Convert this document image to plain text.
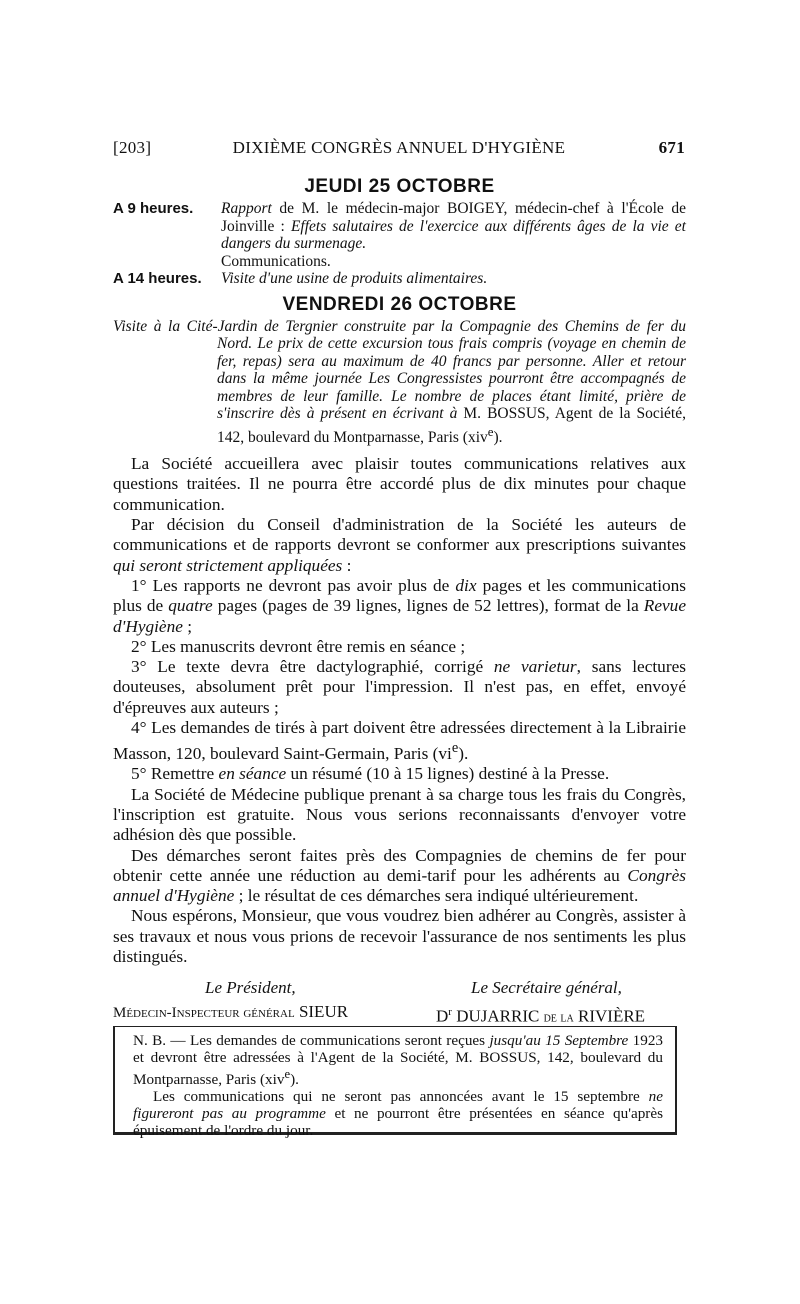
[203]	DIXIÈME CONGRÈS ANNUEL D'HYGIÈNE	671
JEUDI 25 OCTOBRE
A 9 heures. Rapport de M. le médecin-major BOIGEY, médecin-chef à l'École de Joinville : Effets salutaires de l'exercice aux différents âges de la vie et dangers du surmenage.
Communications.
A 14 heures. Visite d'une usine de produits alimentaires.
VENDREDI 26 OCTOBRE
Visite à la Cité-Jardin de Tergnier construite par la Compagnie des Chemins de fer du Nord. Le prix de cette excursion tous frais compris (voyage en chemin de fer, repas) sera au maximum de 40 francs par personne. Aller et retour dans la même journée Les Congressistes pourront être accompagnés de membres de leur famille. Le nombre de places étant limité, prière de s'inscrire dès à présent en écrivant à M. BOSSUS, Agent de la Société, 142, boulevard du Montparnasse, Paris (xiv$^e$).

La Société accueillera avec plaisir toutes communications relatives aux questions traitées. Il ne pourra être accordé plus de dix minutes pour chaque communication.

Par décision du Conseil d'administration de la Société les auteurs de communications et de rapports devront se conformer aux prescriptions suivantes qui seront strictement appliquées :

1° Les rapports ne devront pas avoir plus de dix pages et les communications plus de quatre pages (pages de 39 lignes, lignes de 52 lettres), format de la Revue d'Hygiène ;

2° Les manuscrits devront être remis en séance ;

3° Le texte devra être dactylographié, corrigé ne varietur, sans lectures douteuses, absolument prêt pour l'impression. Il n'est pas, en effet, envoyé d'épreuves aux auteurs ;

4° Les demandes de tirés à part doivent être adressées directement à la Librairie Masson, 120, boulevard Saint-Germain, Paris $(vi^e)$.

5° Remettre en séance un résumé (10 à 15 lignes) destiné à la Presse.

La Société de Médecine publique prenant à sa charge tous les frais du Congrès, l'inscription est gratuite. Nous vous serions reconnaissants d'envoyer votre adhésion dès que possible.

Des démarches seront faites près des Compagnies de chemins de fer pour obtenir cette année une réduction au demi-tarif pour les adhérents au Congrès annuel d'Hygiène ; le résultat de ces démarches sera indiqué ultérieurement.

Nous espérons, Monsieur, que vous voudrez bien adhérer au Congrès, assister à ses travaux et nous vous prions de recevoir l'assurance de nos sentiments les plus distingués.

Le Président,	Le Secrétaire général,
Médecin-Inspecteur général SIEUR	$D^r$ DUJARRIC de la RIVIÈRE

N. B. — Les demandes de communications seront reçues jusqu'au 15 Septembre 1923 et devront être adressées à l'Agent de la Société, M. BOSSUS, 142, boulevard du Montparnasse, Paris (xiv$^e$).

Les communications qui ne seront pas annoncées avant le 15 septembre ne figureront pas au programme et ne pourront être présentées en séance qu'après épuisement de l'ordre du jour.
